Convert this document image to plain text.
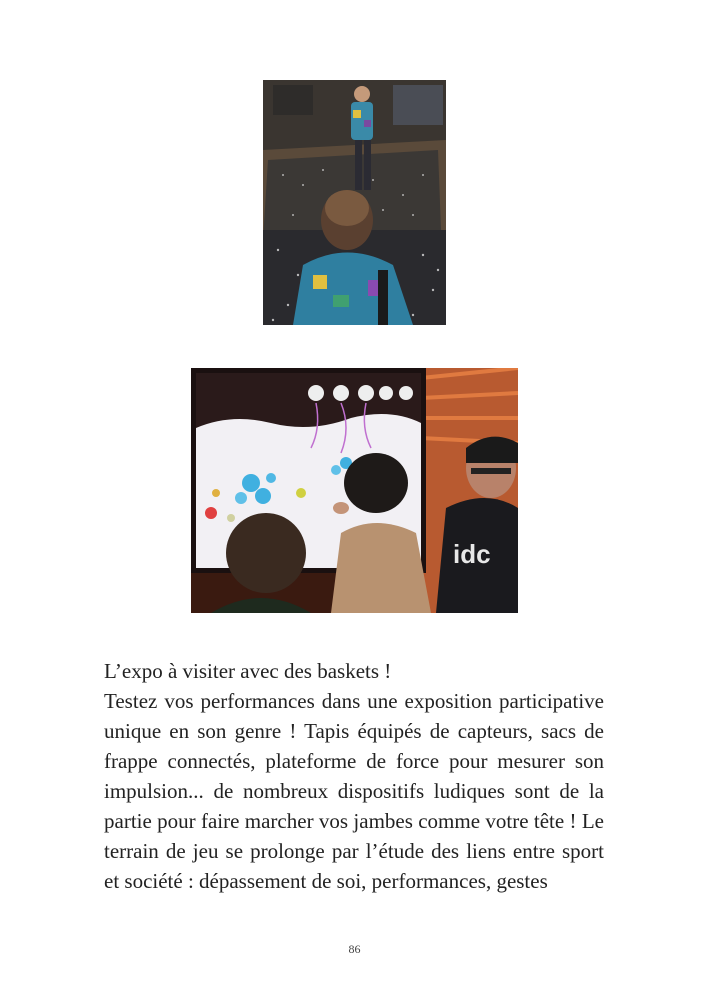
idc
L’expo à visiter avec des baskets !
Testez vos performances dans une exposition participative unique en son genre ! Tapis équipés de capteurs, sacs de frappe connectés, plateforme de force pour mesurer son impulsion... de nombreux dispositifs ludiques sont de la partie pour faire marcher vos jambes comme votre tête ! Le terrain de jeu se prolonge par l’étude des liens entre sport et société : dépassement de soi, performances, gestes
86
